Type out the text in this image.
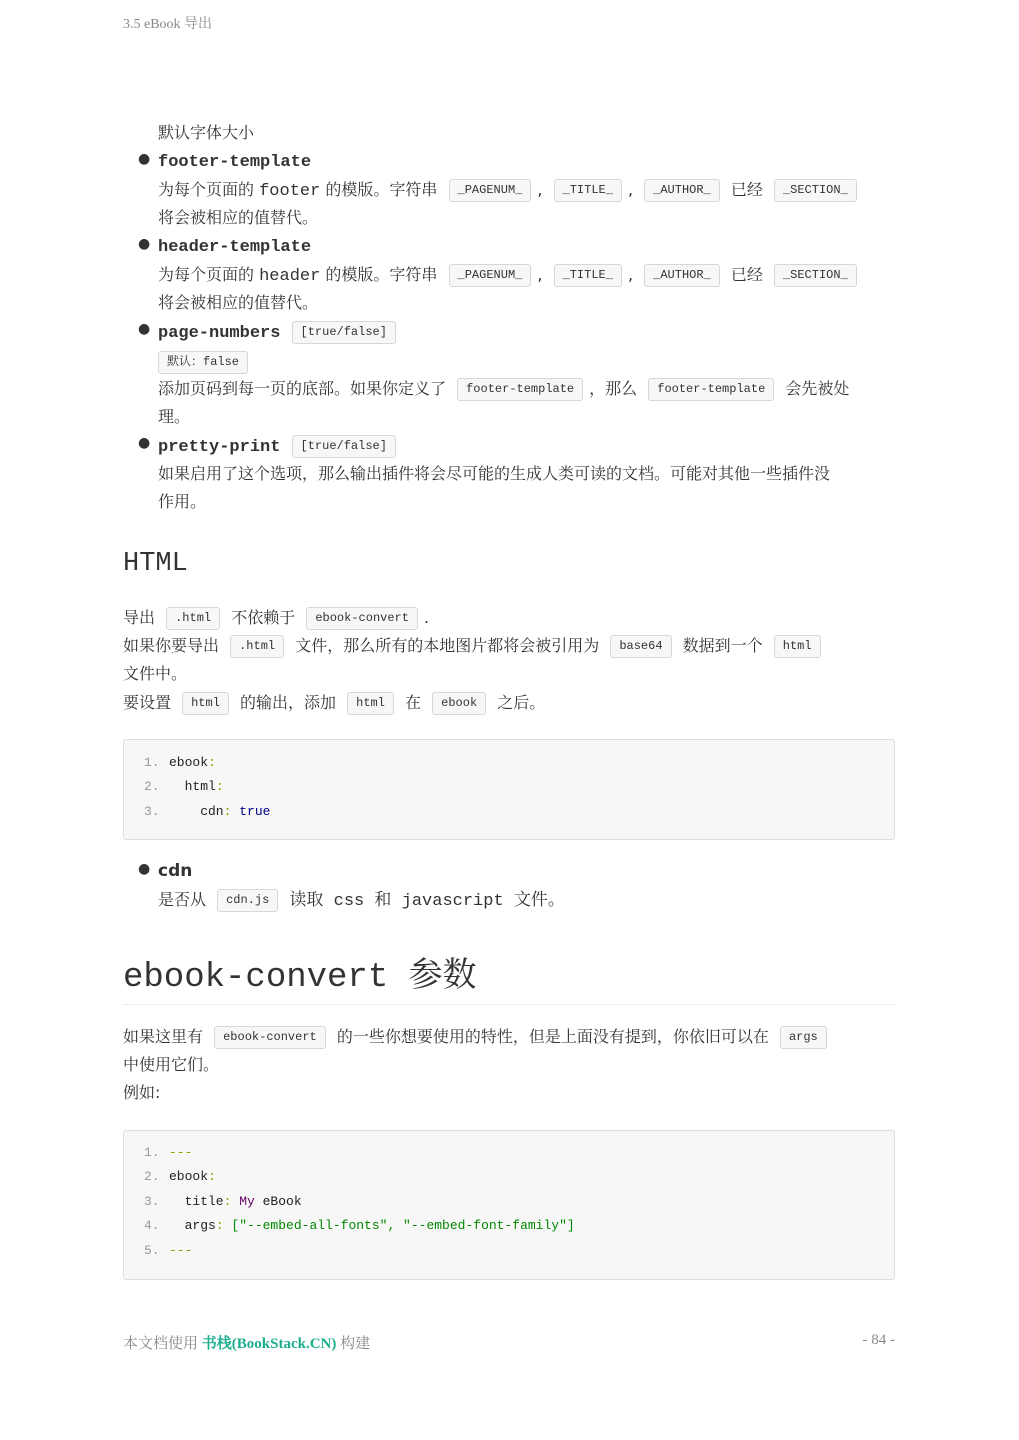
3.5 eBook 导出
默认字体大小
● footer-template
为每个页面的 footer 的模版。字符串 _PAGENUM_ , _TITLE_ , _AUTHOR_ 已经 _SECTION_
将会被相应的值替代。
● header-template
为每个页面的 header 的模版。字符串 _PAGENUM_ , _TITLE_ , _AUTHOR_ 已经 _SECTION_
将会被相应的值替代。
● page-numbers [true/false]
默认：false
添加页码到每一页的底部。如果你定义了 footer-template ，那么 footer-template 会先被处
理。
● pretty-print [true/false]
如果启用了这个选项，那么输出插件将会尽可能的生成人类可读的文档。可能对其他一些插件没
作用。
HTML
导出 .html 不依赖于 ebook-convert .
如果你要导出 .html 文件，那么所有的本地图片都将会被引用为 base64 数据到一个 html
文件中。
要设置 html 的输出，添加 html 在 ebook 之后。
1. ebook:
2.  html:
3.    cdn: true
● cdn
是否从 cdn.js 读取 css 和 javascript 文件。
ebook-convert 参数
如果这里有 ebook-convert 的一些你想要使用的特性，但是上面没有提到，你依旧可以在 args
中使用它们。
例如:
1. ---
2. ebook:
3.  title: My eBook
4.  args: ["--embed-all-fonts", "--embed-font-family"]
5. ---
本文档使用 书栈(BookStack.CN) 构建	- 84 -
